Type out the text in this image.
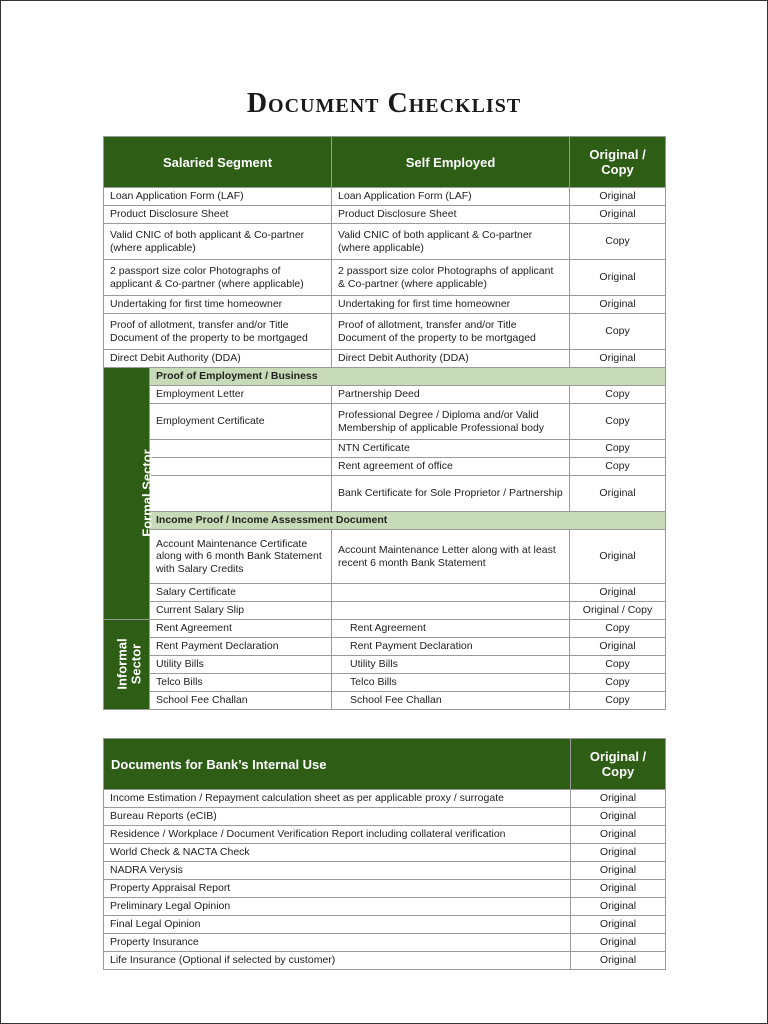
Document Checklist
Salaried Segment		Self Employed	Original / Copy
Loan Application Form (LAF)		Loan Application Form (LAF)	Original
Product Disclosure Sheet		Product Disclosure Sheet	Original
Valid CNIC of both applicant & Co-partner (where applicable)		Valid CNIC of both applicant & Co-partner (where applicable)	Copy
2 passport size color Photographs of applicant & Co-partner (where applicable)		2 passport size color Photographs of applicant & Co-partner (where applicable)	Original
Undertaking for first time homeowner		Undertaking for first time homeowner	Original
Proof of allotment, transfer and/or Title Document of the property to be mortgaged		Proof of allotment, transfer and/or Title Document of the property to be mortgaged	Copy
Direct Debit Authority (DDA)		Direct Debit Authority (DDA)	Original
Formal Sector	Proof of Employment / Business		
	Employment Letter	Partnership Deed	Copy
	Employment Certificate	Professional Degree / Diploma and/or Valid Membership of applicable Professional body	Copy
		NTN Certificate	Copy
		Rent agreement of office	Copy
		Bank Certificate for Sole Proprietor / Partnership	Original
	Income Proof / Income Assessment Document		
	Account Maintenance Certificate along with 6 month Bank Statement with Salary Credits	Account Maintenance Letter along with at least recent 6 month Bank Statement	Original
	Salary Certificate		Original
	Current Salary Slip		Original / Copy

Informal Sector	Rent Agreement	Rent Agreement	Copy
	Rent Payment Declaration	Rent Payment Declaration	Original
	Utility Bills	Utility Bills	Copy
	Telco Bills	Telco Bills	Copy
	School Fee Challan	School Fee Challan	Copy
Documents for Bank’s Internal Use	Original / Copy
Income Estimation / Repayment calculation sheet as per applicable proxy / surrogate	Original
Bureau Reports (eCIB)	Original
Residence / Workplace / Document Verification Report including collateral verification	Original
World Check & NACTA Check	Original
NADRA Verysis	Original
Property Appraisal Report	Original
Preliminary Legal Opinion	Original
Final Legal Opinion	Original
Property Insurance	Original
Life Insurance (Optional if selected by customer)	Original
